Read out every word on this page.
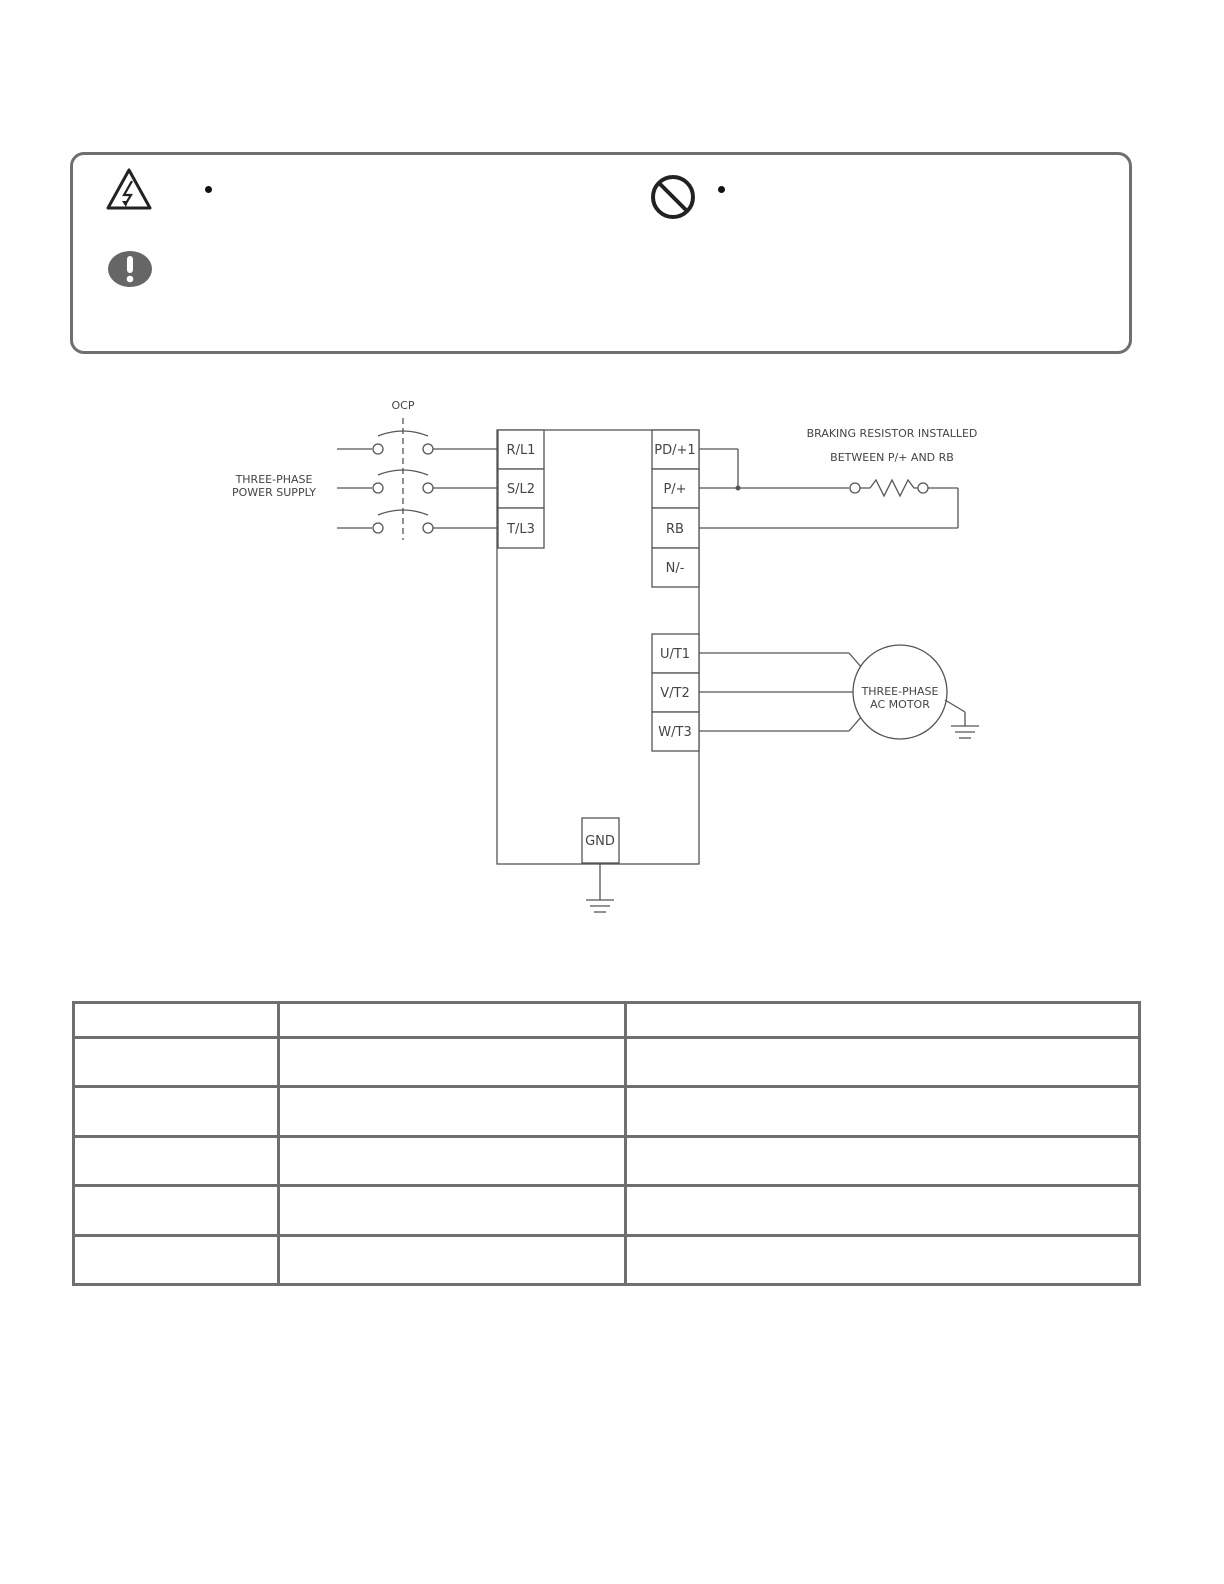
OCP
THREE-PHASE
POWER SUPPLY
R/L1
S/L2
T/L3
PD/+1
P/+
RB
N/-
U/T1
V/T2
W/T3
GND
BRAKING RESISTOR INSTALLED
BETWEEN P/+ AND RB
THREE-PHASE
AC MOTOR
